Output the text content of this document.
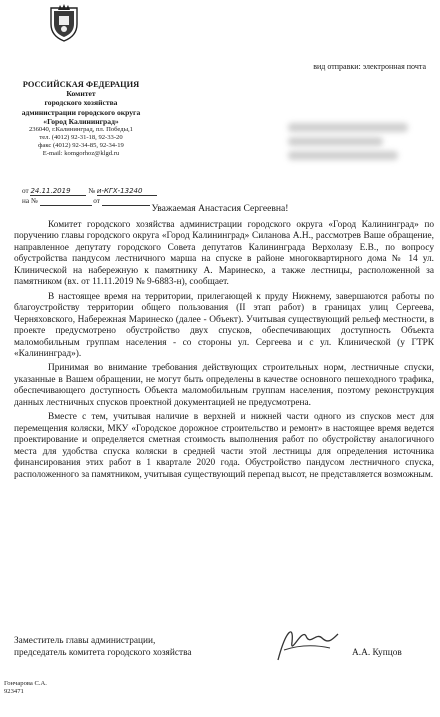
вид отправки: электронная почта
РОССИЙСКАЯ ФЕДЕРАЦИЯ
Комитет
городского хозяйства
администрации городского округа
«Город Калининград»
236040, г.Калининград, пл. Победы,1
тел. (4012) 92-31-18, 92-33-20
факс (4012) 92-34-85, 92-34-19
E-mail: komgorhoz@klgd.ru
от 24.11.2019 № и-КГХ-13240
на №	от
Уважаемая Анастасия Сергеевна!

Комитет городского хозяйства администрации городского округа «Город Калининград» по поручению главы городского округа «Город Калининград» Силанова А.Н., рассмотрев Ваше обращение, направленное депутату городского Совета депутатов Калининграда Верхолазу Е.В., по вопросу обустройства пандусом лестничного марша на спуске в районе многоквартирного дома № 14 ул. Клинической на набережную к памятнику А. Маринеско, а также лестницы, расположенной за памятником (вх. от 11.11.2019 № 9-6883-н), сообщает.

В настоящее время на территории, прилегающей к пруду Нижнему, завершаются работы по благоустройству территории общего пользования (II этап работ) в границах улиц Сергеева, Черняховского, Набережная Маринеско (далее - Объект). Учитывая существующий рельеф местности, в проекте предусмотрено обустройство двух спусков, обеспечивающих доступность Объекта маломобильным группам населения - со стороны ул. Сергеева и с ул. Клинической (у ГТРК «Калининград»).

Принимая во внимание требования действующих строительных норм, лестничные спуски, указанные в Вашем обращении, не могут быть определены в качестве основного пешеходного трафика, обеспечивающего доступность Объекта маломобильным группам населения, поэтому реконструкция данных лестничных спусков проектной документацией не предусмотрена.

Вместе с тем, учитывая наличие в верхней и нижней части одного из спусков мест для перемещения коляски, МКУ «Городское дорожное строительство и ремонт» в настоящее время ведется проектирование и определяется сметная стоимость выполнения работ по обустройству аналогичного места для удобства спуска коляски в средней части этой лестницы для определения источника финансирования этих работ в 1 квартале 2020 года. Обустройство пандусом лестничного спуска, расположенного за памятником, учитывая существующий перепад высот, не представляется возможным.

Заместитель главы администрации,
председатель комитета городского хозяйства	А.А. Купцов
Гончарова С.А.
923471
